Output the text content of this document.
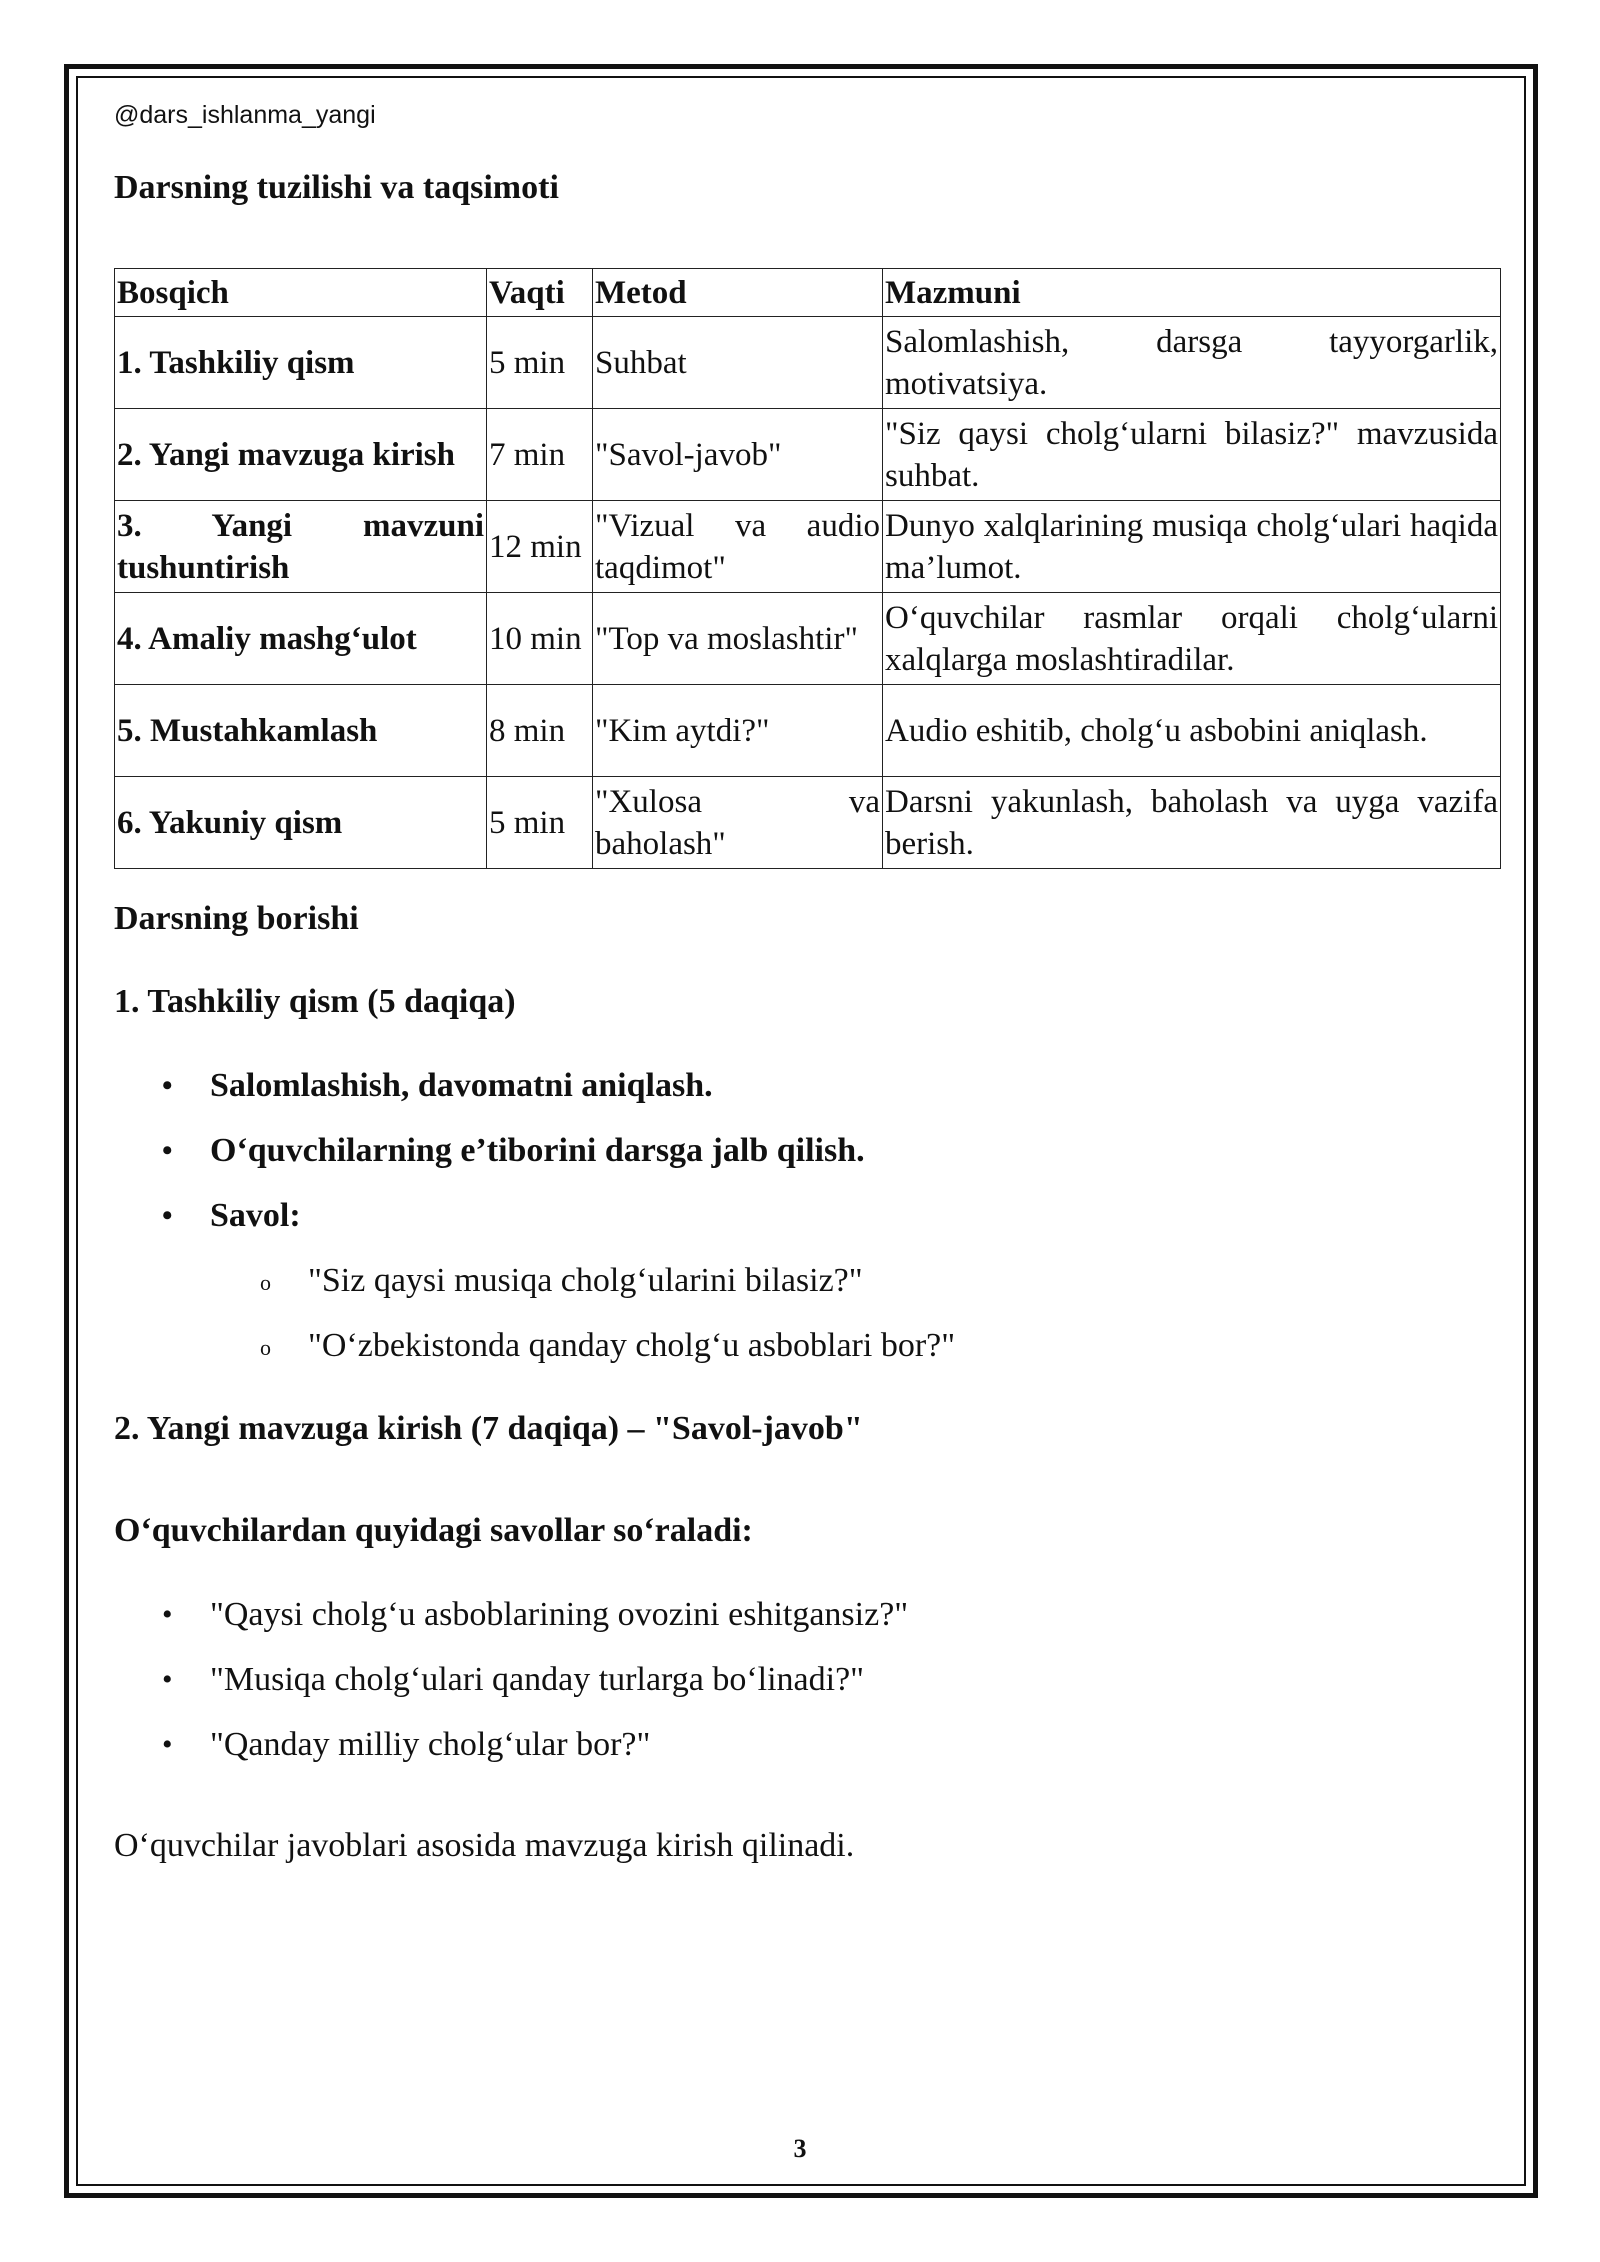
@dars_ishlanma_yangi

Darsning tuzilishi va taqsimoti
Bosqich	Vaqti	Metod	Mazmuni
1. Tashkiliy qism	5 min	Suhbat	Salomlashish, darsga tayyorgarlik, motivatsiya.
2. Yangi mavzuga kirish	7 min	"Savol-javob"	"Siz qaysi cholg‘ularni bilasiz?" mavzusida suhbat.
3. Yangi mavzuni tushuntirish	12 min	"Vizual va audio taqdimot"	Dunyo xalqlarining musiqa cholg‘ulari haqida ma’lumot.
4. Amaliy mashg‘ulot	10 min	"Top va moslashtir"	O‘quvchilar rasmlar orqali cholg‘ularni xalqlarga moslashtiradilar.
5. Mustahkamlash	8 min	"Kim aytdi?"	Audio eshitib, cholg‘u asbobini aniqlash.
6. Yakuniy qism	5 min	"Xulosa va baholash"	Darsni yakunlash, baholash va uyga vazifa berish.
Darsning borishi
1. Tashkiliy qism (5 daqiqa)
• Salomlashish, davomatni aniqlash.
• O‘quvchilarning e’tiborini darsga jalb qilish.
• Savol:
o "Siz qaysi musiqa cholg‘ularini bilasiz?"
o "O‘zbekistonda qanday cholg‘u asboblari bor?"
2. Yangi mavzuga kirish (7 daqiqa) – "Savol-javob"
O‘quvchilardan quyidagi savollar so‘raladi:
• "Qaysi cholg‘u asboblarining ovozini eshitgansiz?"
• "Musiqa cholg‘ulari qanday turlarga bo‘linadi?"
• "Qanday milliy cholg‘ular bor?"

O‘quvchilar javoblari asosida mavzuga kirish qilinadi.

3
